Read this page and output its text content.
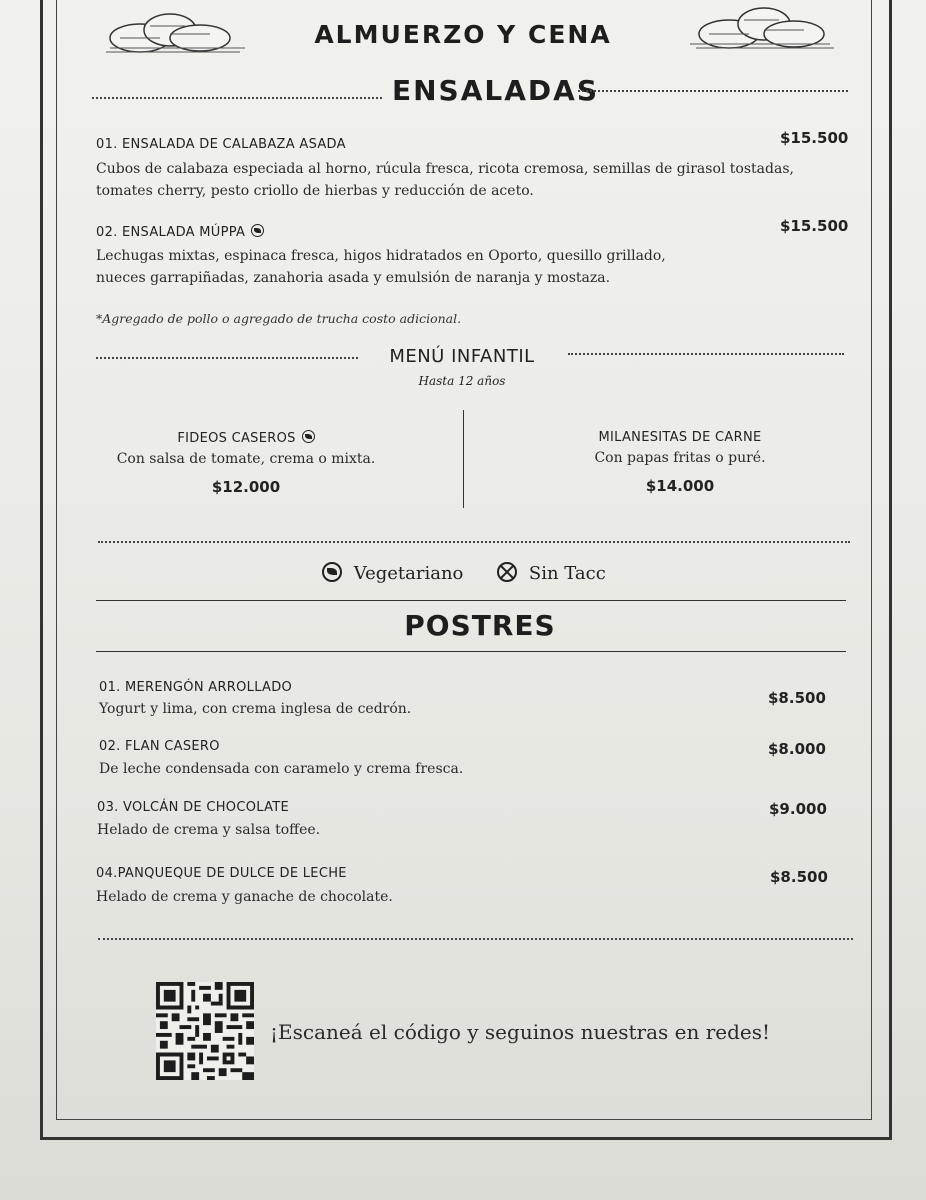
ALMUERZO Y CENA
ENSALADAS
01. ENSALADA DE CALABAZA ASADA	$15.500
Cubos de calabaza especiada al horno, rúcula fresca, ricota cremosa, semillas de girasol tostadas,
tomates cherry, pesto criollo de hierbas y reducción de aceto.
02. ENSALADA MÚPPA	$15.500
Lechugas mixtas, espinaca fresca, higos hidratados en Oporto, quesillo grillado,
nueces garrapiñadas, zanahoria asada y emulsión de naranja y mostaza.
*Agregado de pollo o agregado de trucha costo adicional.
MENÚ INFANTIL
Hasta 12 años
FIDEOS CASEROS
Con salsa de tomate, crema o mixta.
$12.000
MILANESITAS DE CARNE
Con papas fritas o puré.
$14.000
Vegetariano	Sin Tacc
POSTRES
01. MERENGÓN ARROLLADO
Yogurt y lima, con crema inglesa de cedrón.
$8.500
02. FLAN CASERO
De leche condensada con caramelo y crema fresca.
$8.000
03. VOLCÁN DE CHOCOLATE
Helado de crema y salsa toffee.
$9.000
04.PANQUEQUE DE DULCE DE LECHE
Helado de crema y ganache de chocolate.
$8.500
¡Escaneá el código y seguinos nuestras en redes!
